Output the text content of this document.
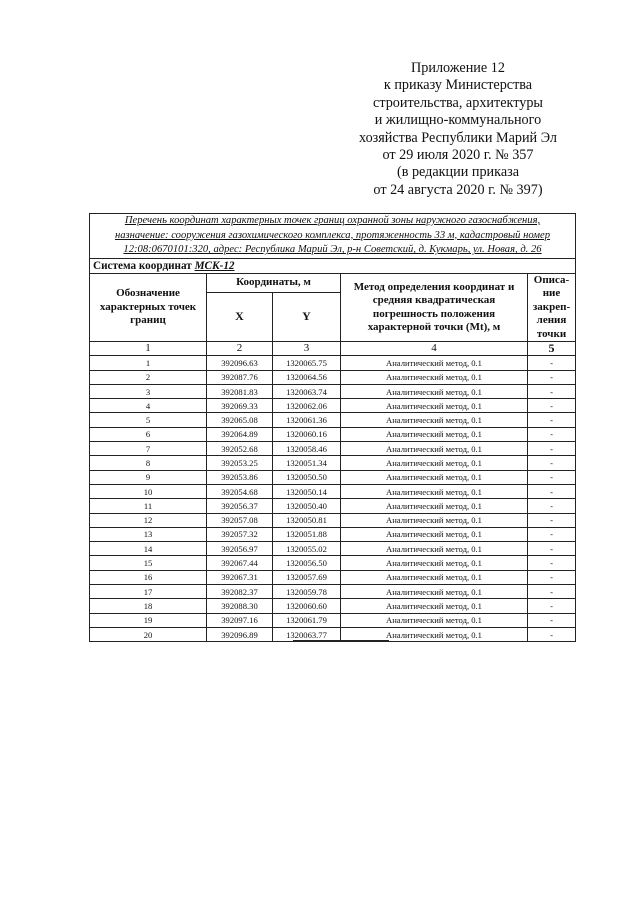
Приложение 12
к приказу Министерства
строительства, архитектуры
и жилищно-коммунального
хозяйства Республики Марий Эл
от 29 июля 2020 г. № 357
(в редакции приказа
от 24 августа 2020 г. № 397)
Перечень координат характерных точек границ охранной зоны наружного газоснабжения,
назначение: сооружения газохимического комплекса, протяженность 33 м, кадастровый номер
12:08:0670101:320, адрес: Республика Марий Эл, р-н Советский, д. Кукмарь, ул. Новая, д. 26				

Система координат МСК-12				
Обозначение характерных точек границ	Координаты, м		Метод определения координат и средняя квадратическая погрешность положения характерной точки (Mt), м	Описа-ние закреп-ления точки
	X	Y		
1	2	3	4	5
1	392096.63	1320065.75	Аналитический метод, 0.1	-
2	392087.76	1320064.56	Аналитический метод, 0.1	-
3	392081.83	1320063.74	Аналитический метод, 0.1	-
4	392069.33	1320062.06	Аналитический метод, 0.1	-
5	392065.08	1320061.36	Аналитический метод, 0.1	-
6	392064.89	1320060.16	Аналитический метод, 0.1	-
7	392052.68	1320058.46	Аналитический метод, 0.1	-
8	392053.25	1320051.34	Аналитический метод, 0.1	-
9	392053.86	1320050.50	Аналитический метод, 0.1	-
10	392054.68	1320050.14	Аналитический метод, 0.1	-
11	392056.37	1320050.40	Аналитический метод, 0.1	-
12	392057.08	1320050.81	Аналитический метод, 0.1	-
13	392057.32	1320051.88	Аналитический метод, 0.1	-
14	392056.97	1320055.02	Аналитический метод, 0.1	-
15	392067.44	1320056.50	Аналитический метод, 0.1	-
16	392067.31	1320057.69	Аналитический метод, 0.1	-
17	392082.37	1320059.78	Аналитический метод, 0.1	-
18	392088.30	1320060.60	Аналитический метод, 0.1	-
19	392097.16	1320061.79	Аналитический метод, 0.1	-
20	392096.89	1320063.77	Аналитический метод, 0.1	-
